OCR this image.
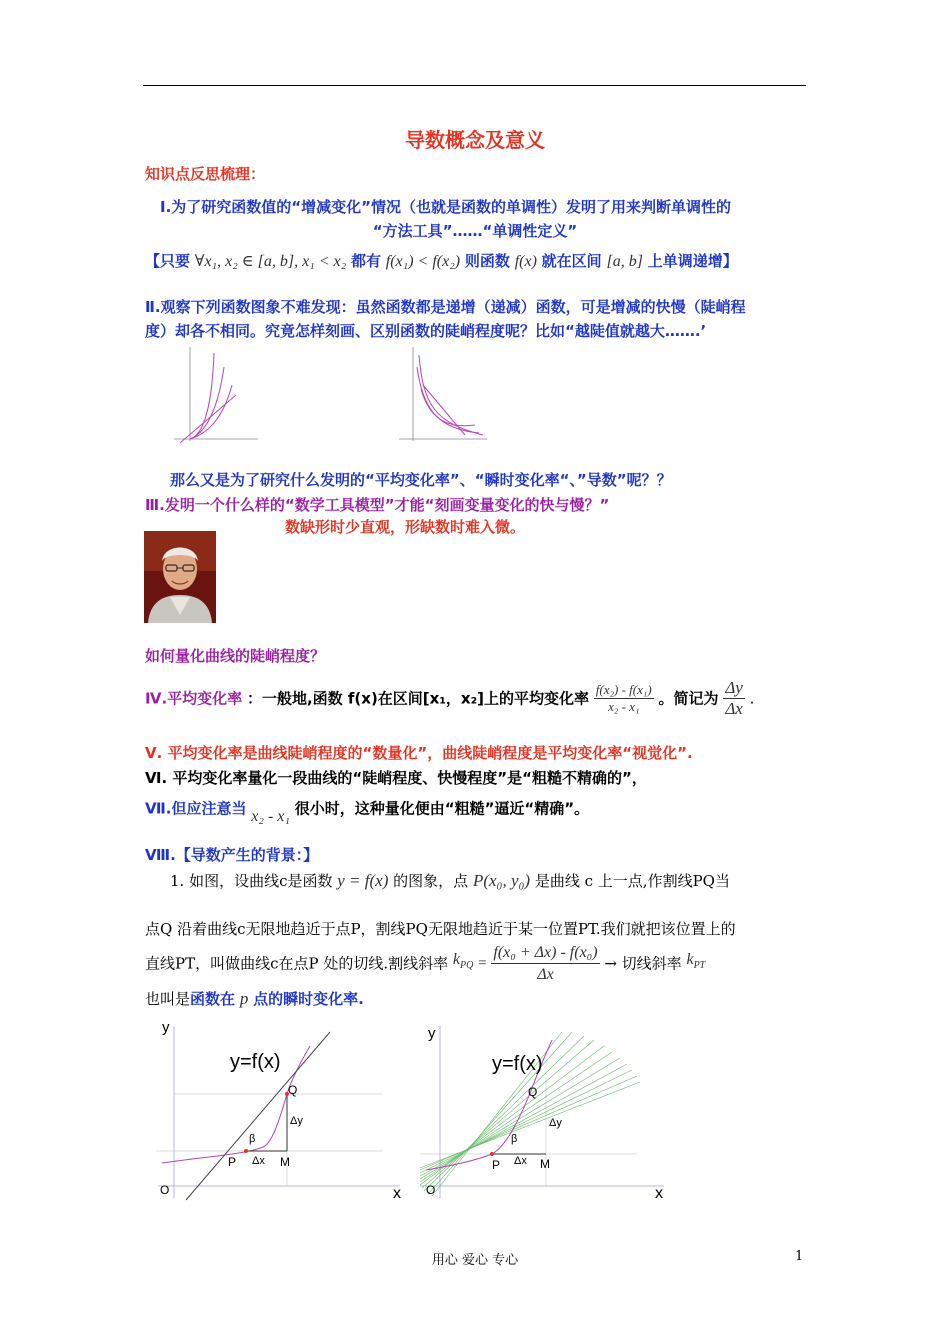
导数概念及意义
知识点反思梳理：
Ⅰ.为了研究函数值的“增减变化”情况（也就是函数的单调性）发明了用来判断单调性的
“方法工具”……“单调性定义”
【只要 ∀x₁, x₂ ∈ [a, b], x₁ < x₂ 都有 f(x₁) < f(x₂) 则函数 f(x) 就在区间 [a, b] 上单调递增】
Ⅱ.观察下列函数图象不难发现：虽然函数都是递增（递减）函数，可是增减的快慢（陡峭程
度）却各不相同。究竟怎样刻画、区别函数的陡峭程度呢？比如“越陡值就越大…….’
那么又是为了研究什么发明的“平均变化率”、“瞬时变化率“、”导数”呢？？
Ⅲ.发明一个什么样的“数学工具模型”才能“刻画变量变化的快与慢？”
数缺形时少直观，形缺数时难入微。
如何量化曲线的陡峭程度？
Ⅳ.平均变化率 ：一般地,函数 f(x)在区间[x₁，x₂]上的平均变化率 $\frac{\text{f(x₂) - f(x₁)}}{\text{x₂ - x₁}}$ 。简记为 $\frac{\Delta y}{\Delta x}$ .
Ⅴ. 平均变化率是曲线陡峭程度的“数量化”，曲线陡峭程度是平均变化率“视觉化”.
Ⅵ. 平均变化率量化一段曲线的“陡峭程度、快慢程度”是“粗糙不精确的”，
Ⅶ.但应注意当 x₂ - x₁ 很小时，这种量化便由“粗糙”逼近“精确”。
Ⅷ.【导数产生的背景：】
1. 如图，设曲线c是函数 y = f(x) 的图象，点 P(x₀, y₀) 是曲线 c 上一点,作割线PQ当
点Q 沿着曲线c无限地趋近于点P，割线PQ无限地趋近于某一位置PT.我们就把该位置上的
直线PT，叫做曲线c在点P 处的切线.割线斜率 $k_{PQ} = \frac{\text{f(x₀ + Δx) - f(x₀)}}{\Delta x}$ → 切线斜率 $k_{PT}$
也叫是函数在 p 点的瞬时变化率.
y
x
O
y=f(x)
Q
P	M
Δx
Δy
β
y
x
O
y=f(x)
Q
P	M
Δx
Δy
β
用心 爱心 专心	1
